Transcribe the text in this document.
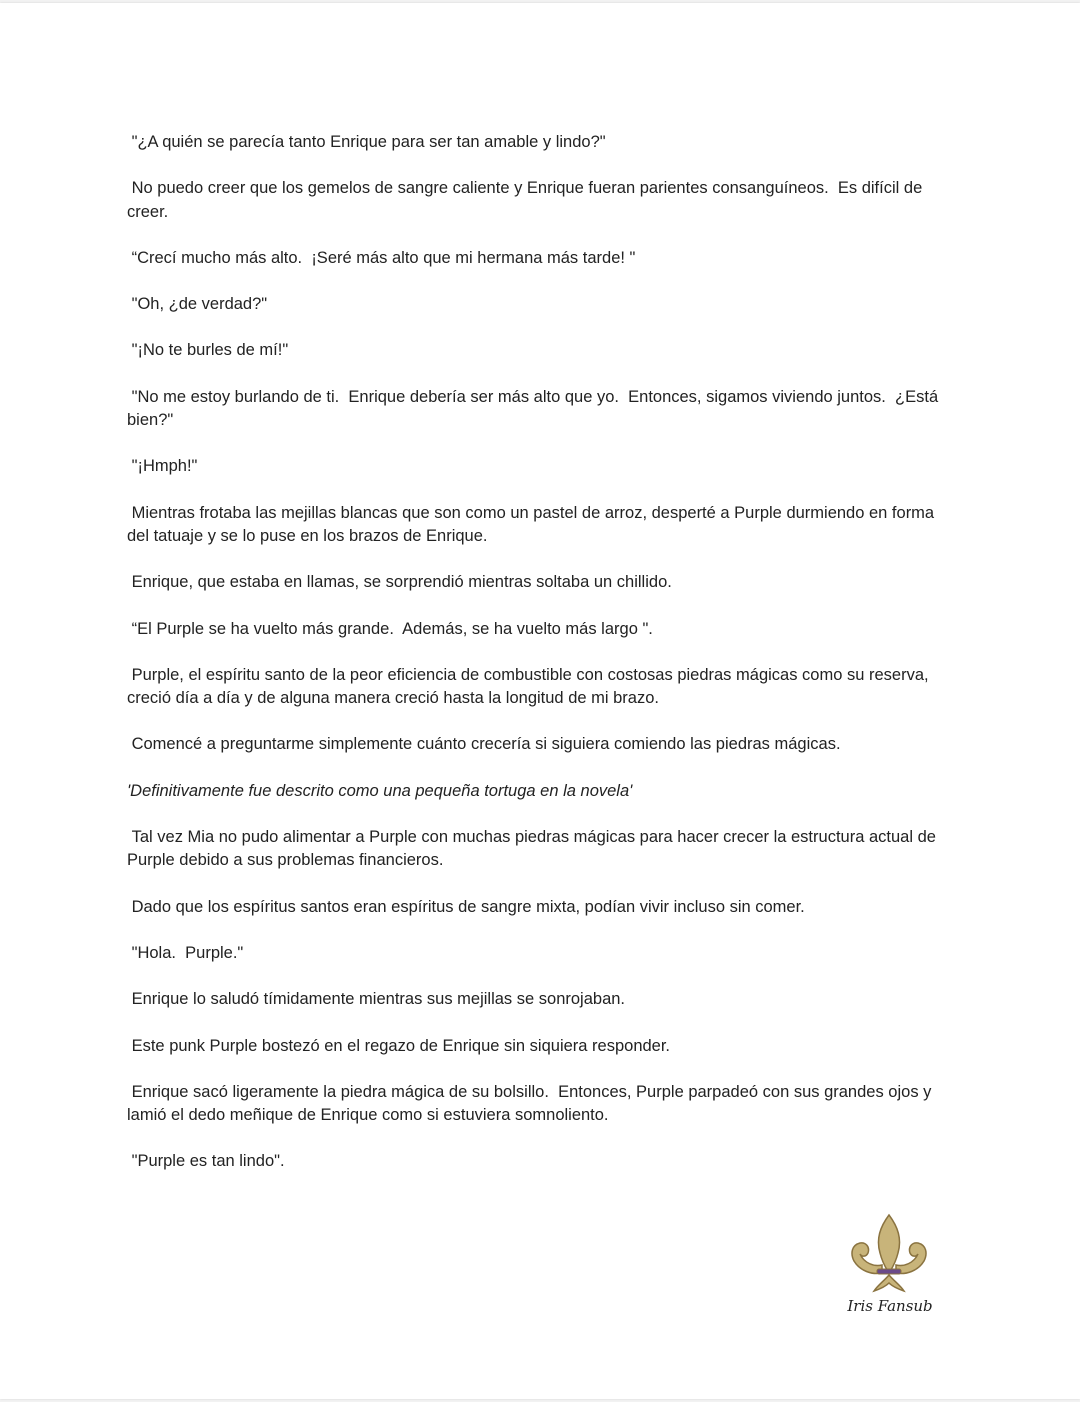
"¿A quién se parecía tanto Enrique para ser tan amable y lindo?"

No puedo creer que los gemelos de sangre caliente y Enrique fueran parientes consanguíneos.  Es difícil de creer.

“Crecí mucho más alto.  ¡Seré más alto que mi hermana más tarde! "

"Oh, ¿de verdad?"

"¡No te burles de mí!"

"No me estoy burlando de ti.  Enrique debería ser más alto que yo.  Entonces, sigamos viviendo juntos.  ¿Está bien?"

"¡Hmph!"

Mientras frotaba las mejillas blancas que son como un pastel de arroz, desperté a Purple durmiendo en forma del tatuaje y se lo puse en los brazos de Enrique.

Enrique, que estaba en llamas, se sorprendió mientras soltaba un chillido.

“El Purple se ha vuelto más grande.  Además, se ha vuelto más largo ".

Purple, el espíritu santo de la peor eficiencia de combustible con costosas piedras mágicas como su reserva, creció día a día y de alguna manera creció hasta la longitud de mi brazo.

Comencé a preguntarme simplemente cuánto crecería si siguiera comiendo las piedras mágicas.

'Definitivamente fue descrito como una pequeña tortuga en la novela'

Tal vez Mia no pudo alimentar a Purple con muchas piedras mágicas para hacer crecer la estructura actual de Purple debido a sus problemas financieros.

Dado que los espíritus santos eran espíritus de sangre mixta, podían vivir incluso sin comer.

"Hola.  Purple."

Enrique lo saludó tímidamente mientras sus mejillas se sonrojaban.

Este punk Purple bostezó en el regazo de Enrique sin siquiera responder.

Enrique sacó ligeramente la piedra mágica de su bolsillo.  Entonces, Purple parpadeó con sus grandes ojos y lamió el dedo meñique de Enrique como si estuviera somnoliento.

"Purple es tan lindo".

Iris Fansub
